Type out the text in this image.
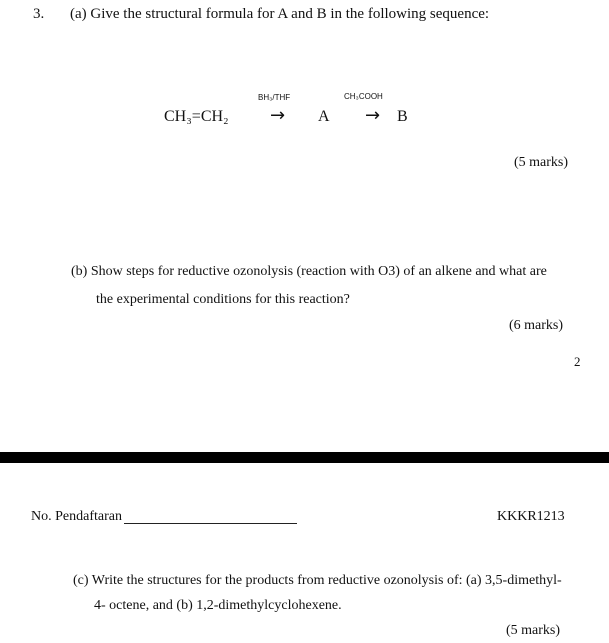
3. (a) Give the structural formula for A and B in the following sequence:
CH₃=CH₂
BH₃/THF
→ A
CH₃COOH
→ B
(5 marks)
(b) Show steps for reductive ozonolysis (reaction with O3) of an alkene and what are
the experimental conditions for this reaction?
(6 marks)
2
No. Pendaftaran	KKKR1213
(c) Write the structures for the products from reductive ozonolysis of: (a) 3,5-dimethyl-
4- octene, and (b) 1,2-dimethylcyclohexene.
(5 marks)
